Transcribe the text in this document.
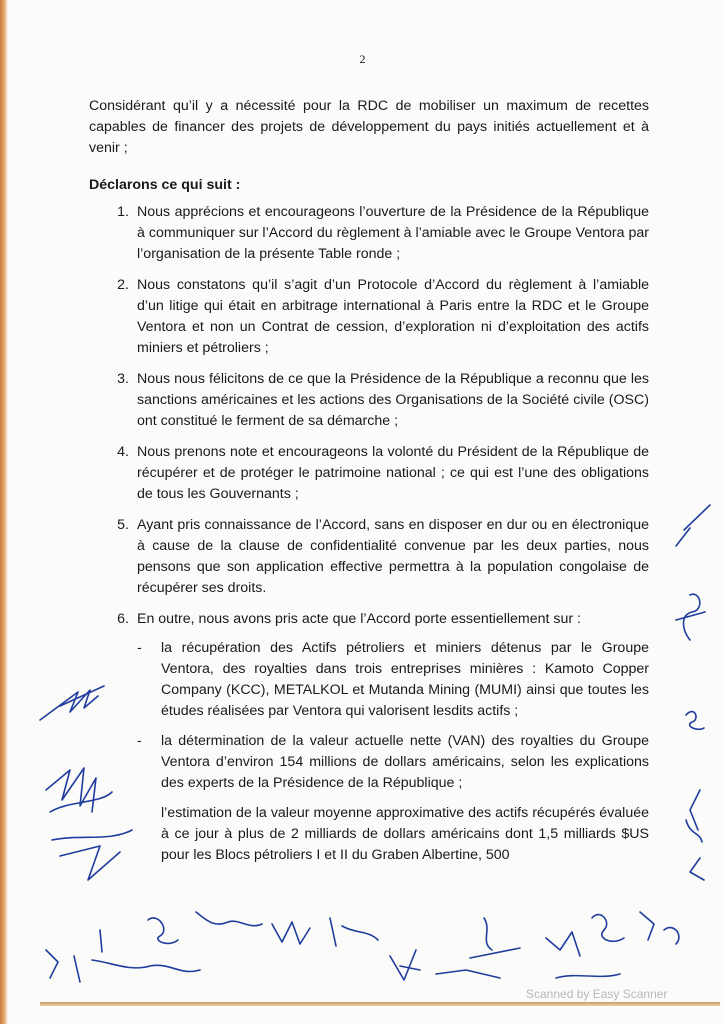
2

Considérant qu’il y a nécessité pour la RDC de mobiliser un maximum de recettes capables de financer des projets de développement du pays initiés actuellement et à venir ;

Déclarons ce qui suit :

1. Nous apprécions et encourageons l’ouverture de la Présidence de la République à communiquer sur l’Accord du règlement à l’amiable avec le Groupe Ventora par l’organisation de la présente Table ronde ;
2. Nous constatons qu’il s’agit d’un Protocole d’Accord du règlement à l’amiable d’un litige qui était en arbitrage international à Paris entre la RDC et le Groupe Ventora et non un Contrat de cession, d’exploration ni d’exploitation des actifs miniers et pétroliers ;
3. Nous nous félicitons de ce que la Présidence de la République a reconnu que les sanctions américaines et les actions des Organisations de la Société civile (OSC) ont constitué le ferment de sa démarche ;
4. Nous prenons note et encourageons la volonté du Président de la République de récupérer et de protéger le patrimoine national ; ce qui est l’une des obligations de tous les Gouvernants ;
5. Ayant pris connaissance de l’Accord, sans en disposer en dur ou en électronique à cause de la clause de confidentialité convenue par les deux parties, nous pensons que son application effective permettra à la population congolaise de récupérer ses droits.
6. En outre, nous avons pris acte que l’Accord porte essentiellement sur :
-	la récupération des Actifs pétroliers et miniers détenus par le Groupe Ventora, des royalties dans trois entreprises minières : Kamoto Copper Company (KCC), METALKOL et Mutanda Mining (MUMI) ainsi que toutes les études réalisées par Ventora qui valorisent lesdits actifs ;
-	la détermination de la valeur actuelle nette (VAN) des royalties du Groupe Ventora d’environ 154 millions de dollars américains, selon les explications des experts de la Présidence de la République ;
l’estimation de la valeur moyenne approximative des actifs récupérés évaluée à ce jour à plus de 2 milliards de dollars américains dont 1,5 milliards $US pour les Blocs pétroliers I et II du Graben Albertine, 500
Scanned by Easy Scanner
